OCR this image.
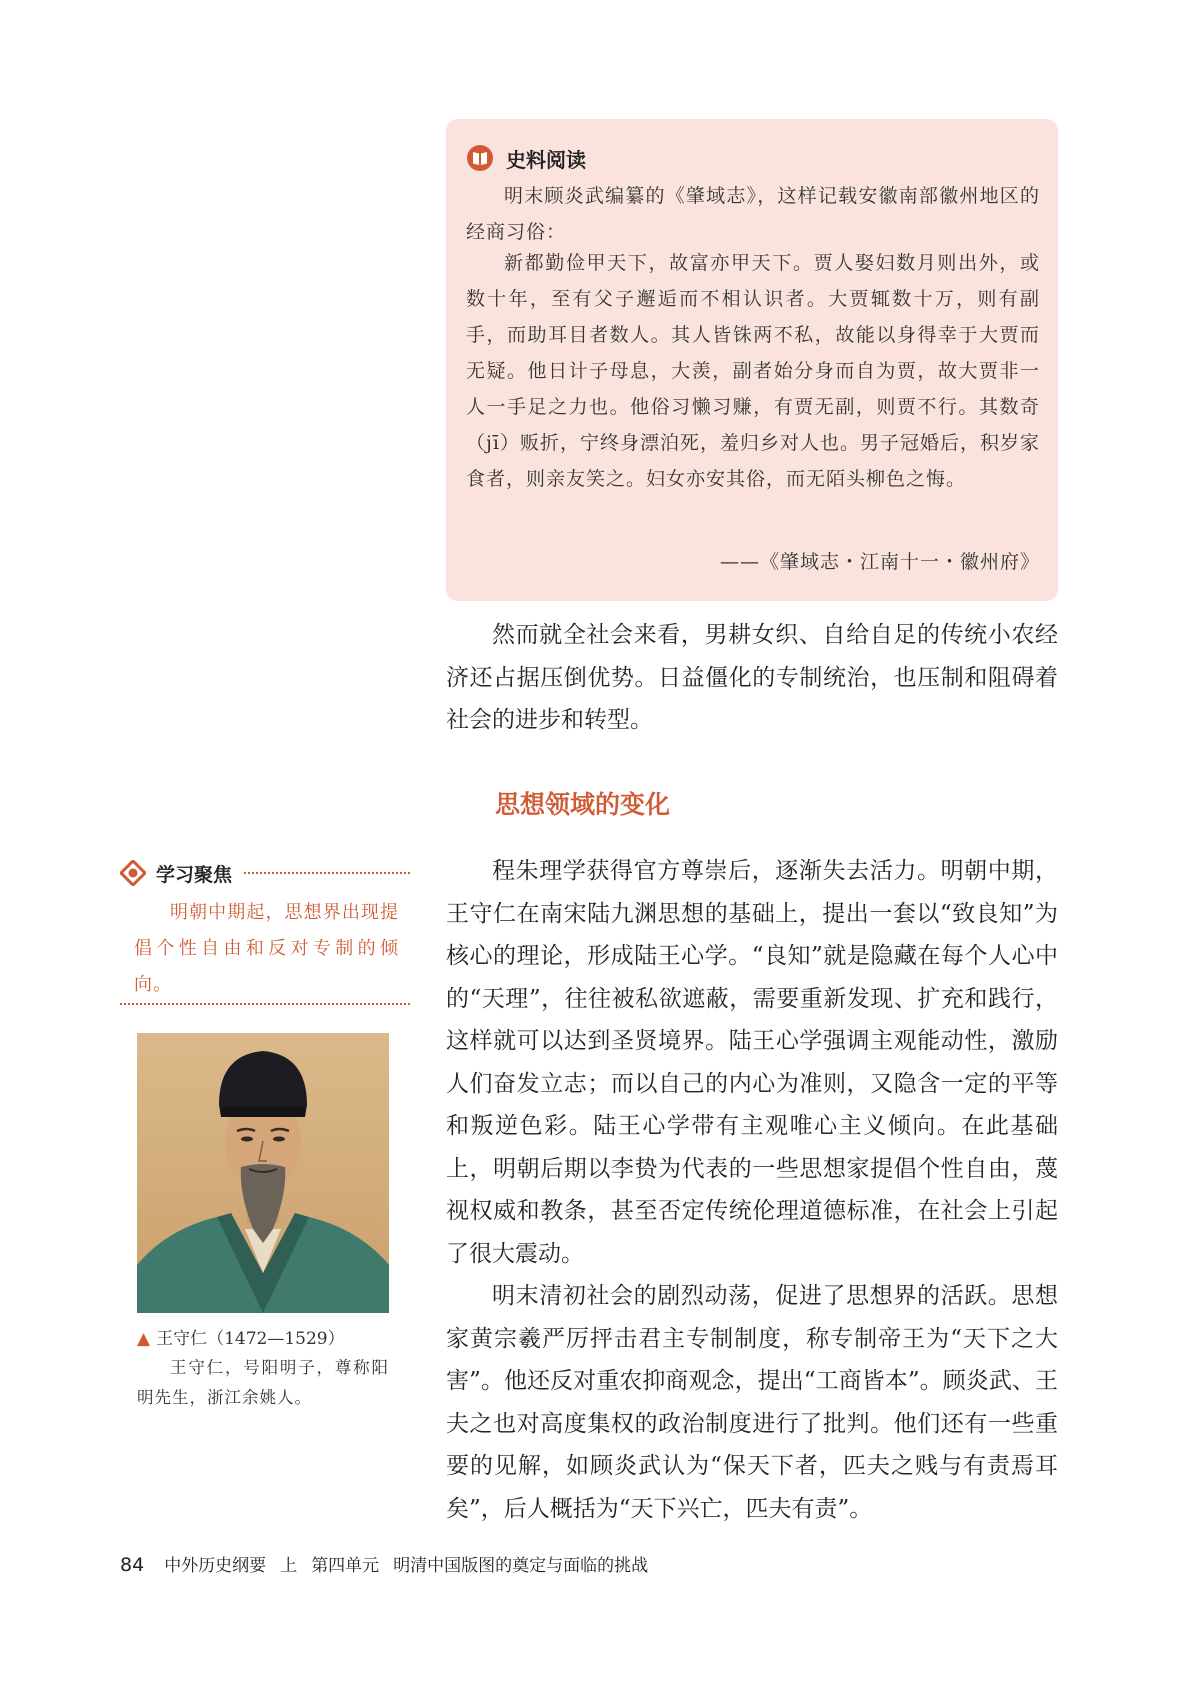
史料阅读

明末顾炎武编纂的《肇域志》，这样记载安徽南部徽州地区的经商习俗：

新都勤俭甲天下，故富亦甲天下。贾人娶妇数月则出外，或数十年，至有父子邂逅而不相认识者。大贾辄数十万，则有副手，而助耳目者数人。其人皆铢两不私，故能以身得幸于大贾而无疑。他日计子母息，大羡，副者始分身而自为贾，故大贾非一人一手足之力也。他俗习懒习赚，有贾无副，则贾不行。其数奇（jī）贩折，宁终身漂泊死，羞归乡对人也。男子冠婚后，积岁家食者，则亲友笑之。妇女亦安其俗，而无陌头柳色之悔。

——《肇域志・江南十一・徽州府》

然而就全社会来看，男耕女织、自给自足的传统小农经济还占据压倒优势。日益僵化的专制统治，也压制和阻碍着社会的进步和转型。

思想领域的变化

程朱理学获得官方尊崇后，逐渐失去活力。明朝中期，王守仁在南宋陆九渊思想的基础上，提出一套以“致良知”为核心的理论，形成陆王心学。“良知”就是隐藏在每个人心中的“天理”，往往被私欲遮蔽，需要重新发现、扩充和践行，这样就可以达到圣贤境界。陆王心学强调主观能动性，激励人们奋发立志；而以自己的内心为准则，又隐含一定的平等和叛逆色彩。陆王心学带有主观唯心主义倾向。在此基础上，明朝后期以李贽为代表的一些思想家提倡个性自由，蔑视权威和教条，甚至否定传统伦理道德标准，在社会上引起了很大震动。

明末清初社会的剧烈动荡，促进了思想界的活跃。思想家黄宗羲严厉抨击君主专制制度，称专制帝王为“天下之大害”。他还反对重农抑商观念，提出“工商皆本”。顾炎武、王夫之也对高度集权的政治制度进行了批判。他们还有一些重要的见解，如顾炎武认为“保天下者，匹夫之贱与有责焉耳矣”，后人概括为“天下兴亡，匹夫有责”。

学习聚焦
明朝中期起，思想界出现提倡个性自由和反对专制的倾向。
▲ 王守仁（1472—1529）
王守仁，号阳明子，尊称阳明先生，浙江余姚人。
84 中外历史纲要 上 第四单元 明清中国版图的奠定与面临的挑战
